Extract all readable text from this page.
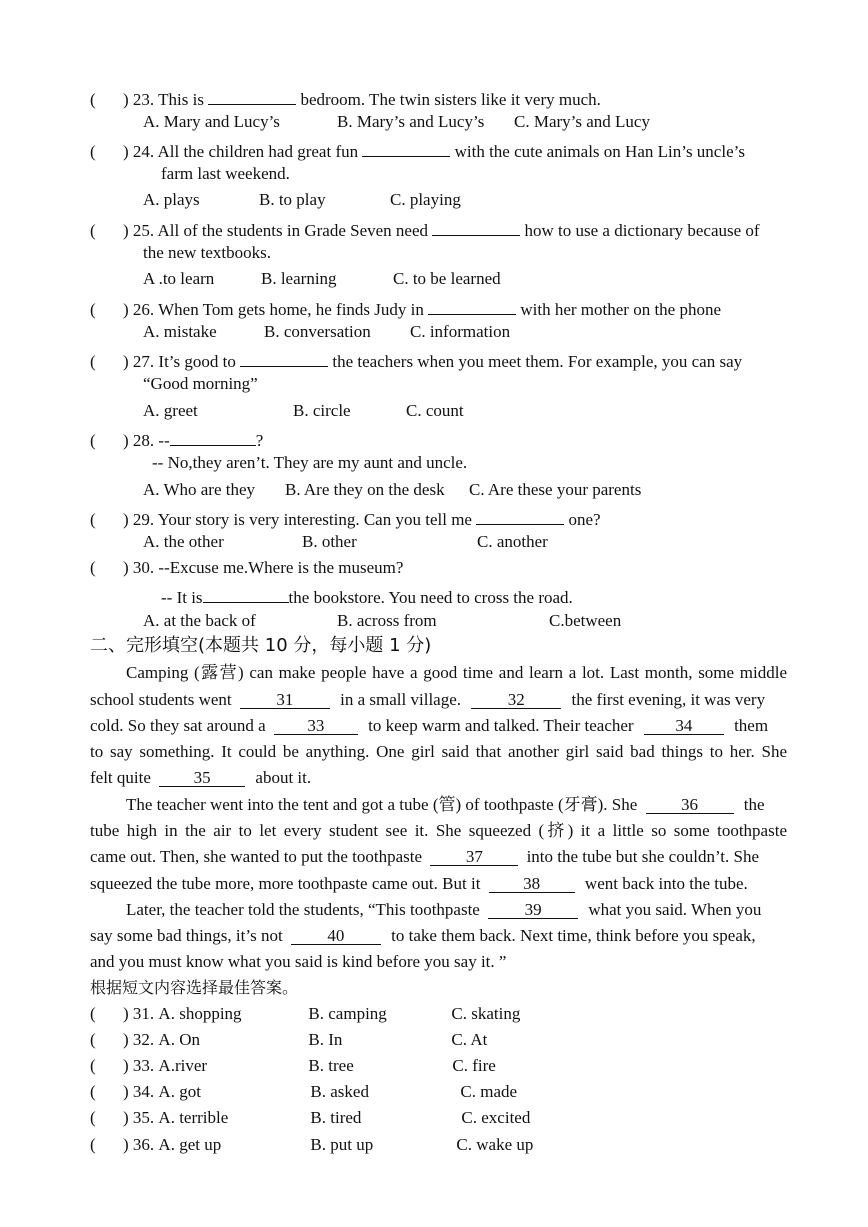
( ) 23. This is	bedroom. The twin sisters like it very much.
A. Mary and Lucy’s	B. Mary’s and Lucy’s C. Mary’s and Lucy
( ) 24. All the children had great fun	with the cute animals on Han Lin’s uncle’s
farm last weekend.
A. plays	B. to play	C. playing
( ) 25. All of the students in Grade Seven need	how to use a dictionary because of
the new textbooks.
A .to learn	B. learning	C. to be learned
( ) 26. When Tom gets home, he finds Judy in	with her mother on the phone
A. mistake	B. conversation C. information
( ) 27. It’s good to	the teachers when you meet them. For example, you can say
“Good morning”
A. greet	B. circle	C. count
( ) 28. --	?
-- No,they aren’t. They are my aunt and uncle.
A. Who are they B. Are they on the desk C. Are these your parents
( ) 29. Your story is very interesting. Can you tell me	one?
A. the other	B. other	C. another
( ) 30. --Excuse me.Where is the museum?
-- It is	the bookstore. You need to cross the road.
A. at the back of	B. across from	C.between
二、完形填空(本题共 10 分，每小题 1 分)
Camping (露营) can make people have a good time and learn a lot. Last month, some middle
school students went	31	in a small village.	32	the first evening, it was very
cold. So they sat around a 33	to keep warm and talked. Their teacher 34 them
to say something. It could be anything. One girl said that another girl said bad things to her. She
felt quite	35	about it.
The teacher went into the tent and got a tube (管) of toothpaste (牙膏). She	36	the
tube high in the air to let every student see it. She squeezed (挤) it a little so some toothpaste
came out. Then, she wanted to put the toothpaste	37	into the tube but she couldn’t. She
squeezed the tube more, more toothpaste came out. But it	38	went back into the tube.
Later, the teacher told the students, “This toothpaste	39	what you said. When you
say some bad things, it’s not	40	to take them back. Next time, think before you speak,
and you must know what you said is kind before you say it. ”
根据短文内容选择最佳答案。
( ) 31. A. shopping	B. camping	C. skating
( ) 32. A. On	B. In	C. At
( ) 33. A.river	B. tree	C. fire
( ) 34. A. got	B. asked	C. made
( ) 35. A. terrible	B. tired	C. excited
( ) 36. A. get up	B. put up	C. wake up
